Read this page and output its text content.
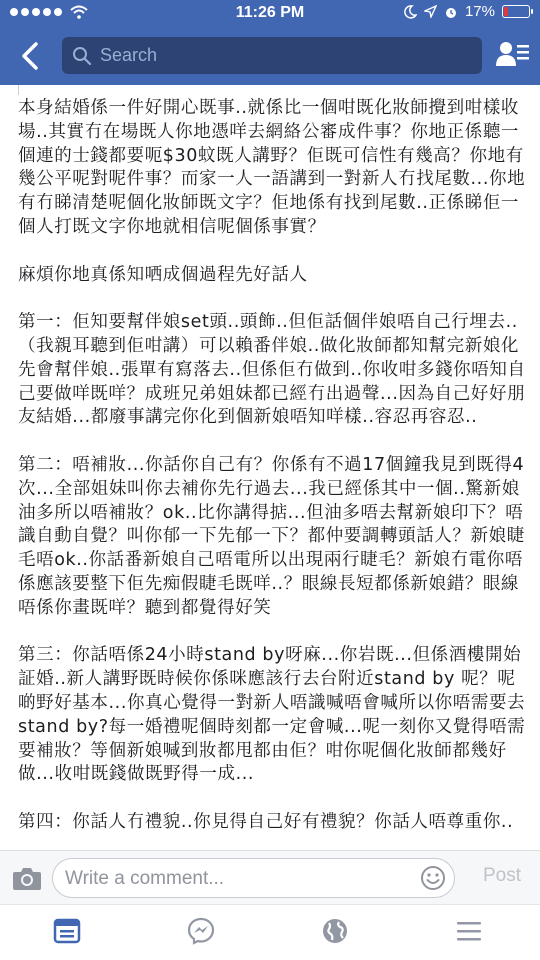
11:26 PM	17%
Search
本身結婚係一件好開心既事..就係比一個咁既化妝師攪到咁樣收場..其實冇在場既人你地憑咩去網絡公審成件事？你地正係聽一個連的士錢都要呃$30蚊既人講野？佢既可信性有幾高？你地有幾公平呢對呢件事？而家一人一語講到一對新人冇找尾數...你地有冇睇清楚呢個化妝師既文字？佢地係有找到尾數..正係睇佢一個人打既文字你地就相信呢個係事實？
麻煩你地真係知哂成個過程先好話人
第一：佢知要幫伴娘set頭..頭飾..但佢話個伴娘唔自己行埋去..（我親耳聽到佢咁講）可以賴番伴娘..做化妝師都知幫完新娘化先會幫伴娘..張單有寫落去..但係佢冇做到..你收咁多錢你唔知自己要做咩既咩？成班兄弟姐妹都已經冇出過聲...因為自己好好朋友結婚...都廢事講完你化到個新娘唔知咩樣..容忍再容忍..
第二：唔補妝...你話你自己有？你係有不過17個鐘我見到既得4次...全部姐妹叫你去補你先行過去...我已經係其中一個..驚新娘油多所以唔補妝？ok..比你講得掂...但油多唔去幫新娘印下？唔識自動自覺？叫你郁一下先郁一下？都仲要調轉頭話人？新娘睫毛唔ok..你話番新娘自己唔電所以出現兩行睫毛？新娘冇電你唔係應該要整下佢先痴假睫毛既咩..？眼線長短都係新娘錯？眼線唔係你畫既咩？聽到都覺得好笑
第三：你話唔係24小時stand by呀麻...你岩既...但係酒樓開始証婚..新人講野既時候你係咪應該行去台附近stand by 呢？呢啲野好基本...你真心覺得一對新人唔識喊唔會喊所以你唔需要去stand by?每一婚禮呢個時刻都一定會喊...呢一刻你又覺得唔需要補妝？等個新娘喊到妝都甩都由佢？咁你呢個化妝師都幾好做...收咁既錢做既野得一成...
第四：你話人冇禮貌..你見得自己好有禮貌？你話人唔尊重你..
Write a comment...	Post
